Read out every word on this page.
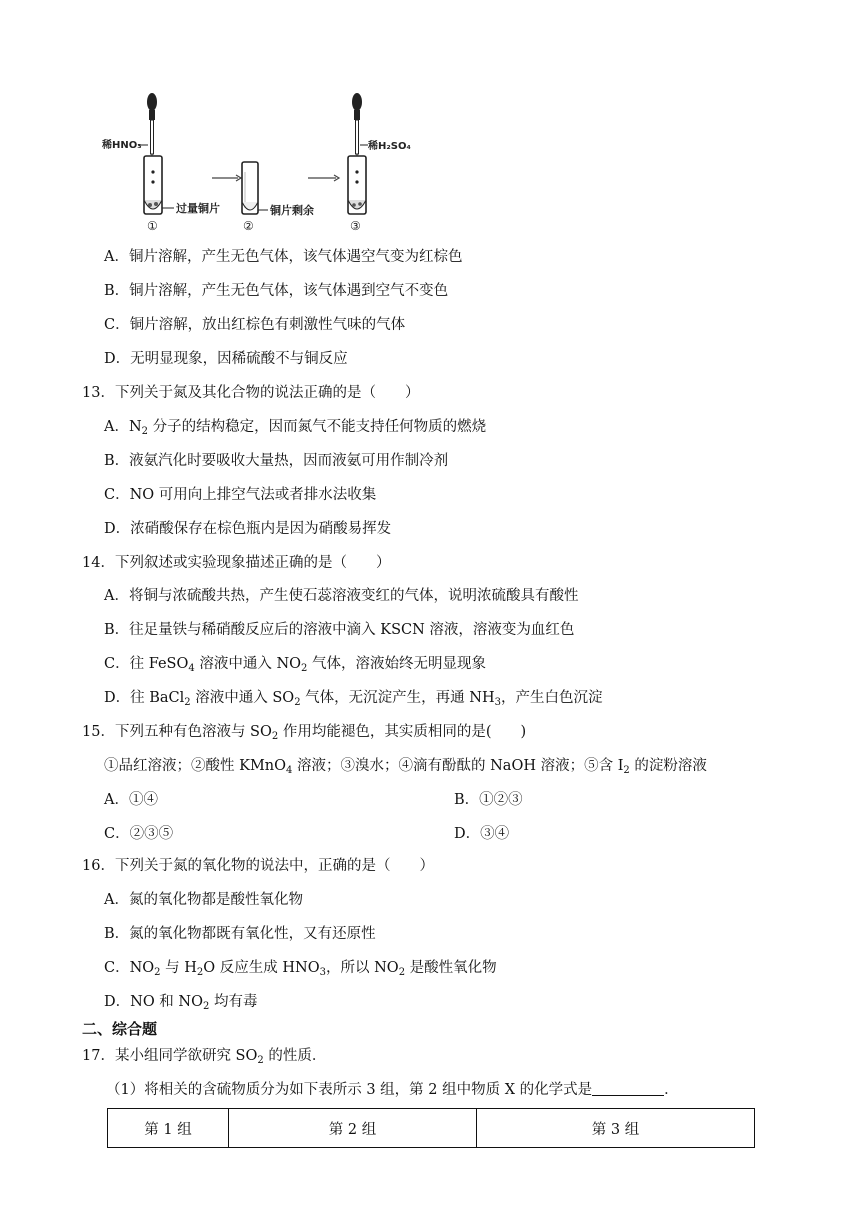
稀HNO₃
过量铜片
①
铜片剩余
②
稀H₂SO₄
③
A．铜片溶解，产生无色气体，该气体遇空气变为红棕色
B．铜片溶解，产生无色气体，该气体遇到空气不变色
C．铜片溶解，放出红棕色有刺激性气味的气体
D．无明显现象，因稀硫酸不与铜反应
13．下列关于氮及其化合物的说法正确的是（　　）
A．$N_2$ 分子的结构稳定，因而氮气不能支持任何物质的燃烧
B．液氨汽化时要吸收大量热，因而液氨可用作制冷剂
C．NO 可用向上排空气法或者排水法收集
D．浓硝酸保存在棕色瓶内是因为硝酸易挥发
14．下列叙述或实验现象描述正确的是（　　）
A．将铜与浓硫酸共热，产生使石蕊溶液变红的气体，说明浓硫酸具有酸性
B．往足量铁与稀硝酸反应后的溶液中滴入 KSCN 溶液，溶液变为血红色
C．往 FeSO$_4$ 溶液中通入 $NO_2$ 气体，溶液始终无明显现象
D．往 BaCl$_2$ 溶液中通入 $SO_2$ 气体，无沉淀产生，再通 $NH_3$，产生白色沉淀
15．下列五种有色溶液与 $SO_2$ 作用均能褪色，其实质相同的是(　　)
①品红溶液；②酸性 KMnO$_4$ 溶液；③溴水；④滴有酚酞的 NaOH 溶液；⑤含 $I_2$ 的淀粉溶液
A．①④	B．①②③
C．②③⑤	D．③④
16．下列关于氮的氧化物的说法中，正确的是（　　）
A．氮的氧化物都是酸性氧化物
B．氮的氧化物都既有氧化性，又有还原性
C．$NO_2$ 与 $H_2O$ 反应生成 $HNO_3$，所以 $NO_2$ 是酸性氧化物
D．NO 和 $NO_2$ 均有毒
二、综合题
17．某小组同学欲研究 $SO_2$ 的性质．
（1）将相关的含硫物质分为如下表所示 3 组，第 2 组中物质 X 的化学式是	．
第 1 组	第 2 组	第 3 组
